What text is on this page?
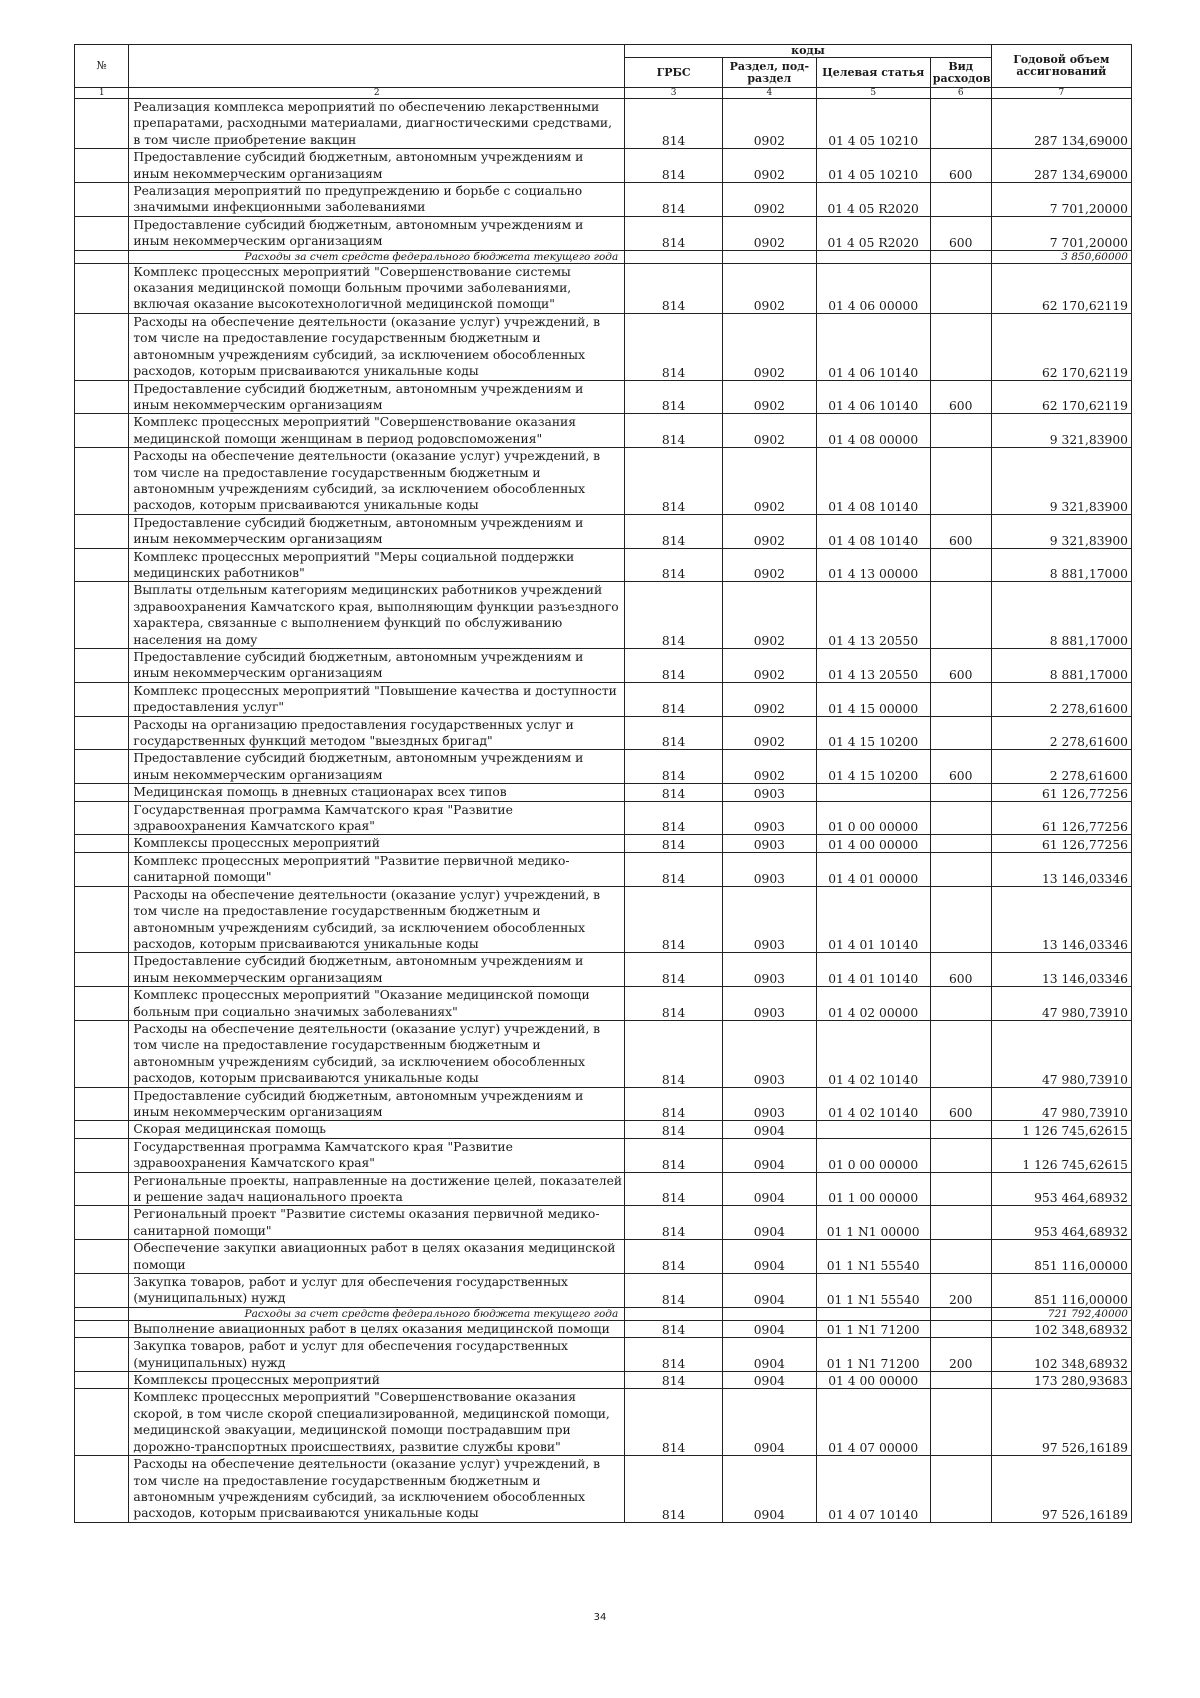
№		коды				Годовой объем ассигнований
		ГРБС	Раздел, под-раздел	Целевая статья	Вид расходов	

1	2	3	4	5	6	7
	Реализация комплекса мероприятий по обеспечению лекарственными препаратами, расходными материалами, диагностическими средствами, в том числе приобретение вакцин	814	0902	01 4 05 10210		287 134,69000
	Предоставление субсидий бюджетным, автономным учреждениям и иным некоммерческим организациям	814	0902	01 4 05 10210	600	287 134,69000
	Реализация мероприятий по предупреждению и борьбе с социально значимыми инфекционными заболеваниями	814	0902	01 4 05 R2020		7 701,20000
	Предоставление субсидий бюджетным, автономным учреждениям и иным некоммерческим организациям	814	0902	01 4 05 R2020	600	7 701,20000
	Расходы за счет средств федерального бюджета текущего года					3 850,60000
	Комплекс процессных мероприятий "Совершенствование системы оказания медицинской помощи больным прочими заболеваниями, включая оказание высокотехнологичной медицинской помощи"	814	0902	01 4 06 00000		62 170,62119
	Расходы на обеспечение деятельности (оказание услуг) учреждений, в том числе на предоставление государственным бюджетным и автономным учреждениям субсидий, за исключением обособленных расходов, которым присваиваются уникальные коды	814	0902	01 4 06 10140		62 170,62119
	Предоставление субсидий бюджетным, автономным учреждениям и иным некоммерческим организациям	814	0902	01 4 06 10140	600	62 170,62119
	Комплекс процессных мероприятий "Совершенствование оказания медицинской помощи женщинам в период родовспоможения"	814	0902	01 4 08 00000		9 321,83900
	Расходы на обеспечение деятельности (оказание услуг) учреждений, в том числе на предоставление государственным бюджетным и автономным учреждениям субсидий, за исключением обособленных расходов, которым присваиваются уникальные коды	814	0902	01 4 08 10140		9 321,83900
	Предоставление субсидий бюджетным, автономным учреждениям и иным некоммерческим организациям	814	0902	01 4 08 10140	600	9 321,83900
	Комплекс процессных мероприятий "Меры социальной поддержки медицинских работников"	814	0902	01 4 13 00000		8 881,17000
	Выплаты отдельным категориям медицинских работников учреждений здравоохранения Камчатского края, выполняющим функции разъездного характера, связанные с выполнением функций по обслуживанию населения на дому	814	0902	01 4 13 20550		8 881,17000
	Предоставление субсидий бюджетным, автономным учреждениям и иным некоммерческим организациям	814	0902	01 4 13 20550	600	8 881,17000
	Комплекс процессных мероприятий "Повышение качества и доступности предоставления услуг"	814	0902	01 4 15 00000		2 278,61600
	Расходы на организацию предоставления государственных услуг и государственных функций методом "выездных бригад"	814	0902	01 4 15 10200		2 278,61600
	Предоставление субсидий бюджетным, автономным учреждениям и иным некоммерческим организациям	814	0902	01 4 15 10200	600	2 278,61600
	Медицинская помощь в дневных стационарах всех типов	814	0903			61 126,77256
	Государственная программа Камчатского края "Развитие здравоохранения Камчатского края"	814	0903	01 0 00 00000		61 126,77256
	Комплексы процессных мероприятий	814	0903	01 4 00 00000		61 126,77256
	Комплекс процессных мероприятий "Развитие первичной медико-санитарной помощи"	814	0903	01 4 01 00000		13 146,03346
	Расходы на обеспечение деятельности (оказание услуг) учреждений, в том числе на предоставление государственным бюджетным и автономным учреждениям субсидий, за исключением обособленных расходов, которым присваиваются уникальные коды	814	0903	01 4 01 10140		13 146,03346
	Предоставление субсидий бюджетным, автономным учреждениям и иным некоммерческим организациям	814	0903	01 4 01 10140	600	13 146,03346
	Комплекс процессных мероприятий "Оказание медицинской помощи больным при социально значимых заболеваниях"	814	0903	01 4 02 00000		47 980,73910
	Расходы на обеспечение деятельности (оказание услуг) учреждений, в том числе на предоставление государственным бюджетным и автономным учреждениям субсидий, за исключением обособленных расходов, которым присваиваются уникальные коды	814	0903	01 4 02 10140		47 980,73910
	Предоставление субсидий бюджетным, автономным учреждениям и иным некоммерческим организациям	814	0903	01 4 02 10140	600	47 980,73910
	Скорая медицинская помощь	814	0904			1 126 745,62615
	Государственная программа Камчатского края "Развитие здравоохранения Камчатского края"	814	0904	01 0 00 00000		1 126 745,62615
	Региональные проекты, направленные на достижение целей, показателей и решение задач национального проекта	814	0904	01 1 00 00000		953 464,68932
	Региональный проект "Развитие системы оказания первичной медико-санитарной помощи"	814	0904	01 1 N1 00000		953 464,68932
	Обеспечение закупки авиационных работ в целях оказания медицинской помощи	814	0904	01 1 N1 55540		851 116,00000
	Закупка товаров, работ и услуг для обеспечения государственных (муниципальных) нужд	814	0904	01 1 N1 55540	200	851 116,00000
	Расходы за счет средств федерального бюджета текущего года					721 792,40000
	Выполнение авиационных работ в целях оказания медицинской помощи	814	0904	01 1 N1 71200		102 348,68932
	Закупка товаров, работ и услуг для обеспечения государственных (муниципальных) нужд	814	0904	01 1 N1 71200	200	102 348,68932
	Комплексы процессных мероприятий	814	0904	01 4 00 00000		173 280,93683
	Комплекс процессных мероприятий "Совершенствование оказания скорой, в том числе скорой специализированной, медицинской помощи, медицинской эвакуации, медицинской помощи пострадавшим при дорожно-транспортных происшествиях, развитие службы крови"	814	0904	01 4 07 00000		97 526,16189
	Расходы на обеспечение деятельности (оказание услуг) учреждений, в том числе на предоставление государственным бюджетным и автономным учреждениям субсидий, за исключением обособленных расходов, которым присваиваются уникальные коды	814	0904	01 4 07 10140		97 526,16189
34
